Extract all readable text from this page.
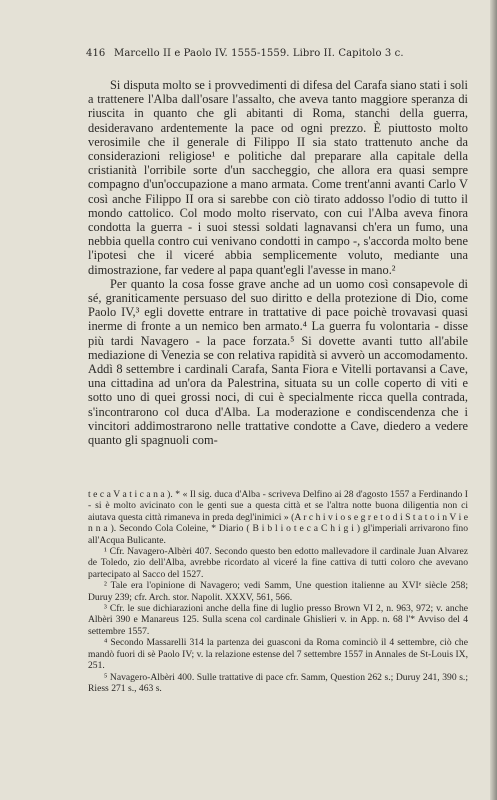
416 Marcello II e Paolo IV. 1555-1559. Libro II. Capitolo 3 c.

Si disputa molto se i provvedimenti di difesa del Carafa siano stati i soli a trattenere l'Alba dall'osare l'assalto, che aveva tanto maggiore speranza di riuscita in quanto che gli abitanti di Roma, stanchi della guerra, desideravano ardentemente la pace od ogni prezzo. È piuttosto molto verosimile che il generale di Filippo II sia stato trattenuto anche da considerazioni religiose¹ e politiche dal preparare alla capitale della cristianità l'orribile sorte d'un saccheggio, che allora era quasi sempre compagno d'un'occupazione a mano armata. Come trent'anni avanti Carlo V così anche Filippo II ora si sarebbe con ciò tirato addosso l'odio di tutto il mondo cattolico. Col modo molto riservato, con cui l'Alba aveva finora condotta la guerra - i suoi stessi soldati lagnavansi ch'era un fumo, una nebbia quella contro cui venivano condotti in campo -, s'accorda molto bene l'ipotesi che il viceré abbia semplicemente voluto, mediante una dimostrazione, far vedere al papa quant'egli l'avesse in mano.²

Per quanto la cosa fosse grave anche ad un uomo così consapevole di sé, graniticamente persuaso del suo diritto e della protezione di Dio, come Paolo IV,³ egli dovette entrare in trattative di pace poichè trovavasi quasi inerme di fronte a un nemico ben armato.⁴ La guerra fu volontaria - disse più tardi Navagero - la pace forzata.⁵ Si dovette avanti tutto all'abile mediazione di Venezia se con relativa rapidità si avverò un accomodamento. Addì 8 settembre i cardinali Carafa, Santa Fiora e Vitelli portavansi a Cave, una cittadina ad un'ora da Palestrina, situata su un colle coperto di viti e sotto uno di quei grossi noci, di cui è specialmente ricca quella contrada, s'incontrarono col duca d'Alba. La moderazione e condiscendenza che i vincitori addimostrarono nelle trattative condotte a Cave, diedero a vedere quanto gli spagnuoli com-

t e c a V a t i c a n a ). * « Il sig. duca d'Alba - scriveva Delfino ai 28 d'agosto 1557 a Ferdinando I - si è molto avicinato con le genti sue a questa città et se l'altra notte buona diligentia non ci aiutava questa città rimaneva in preda degl'inimici » (A r c h i v i o s e g r e t o d i S t a t o i n V i e n n a ). Secondo Cola Coleine, * Diario ( B i b l i o t e c a C h i g i ) gl'imperiali arrivarono fino all'Acqua Bulicante.

¹ Cfr. Navagero-Albèri 407. Secondo questo ben edotto mallevadore il cardinale Juan Alvarez de Toledo, zio dell'Alba, avrebbe ricordato al viceré la fine cattiva di tutti coloro che avevano partecipato al Sacco del 1527.

² Tale era l'opinione di Navagero; vedi Samm, Une question italienne au XVIᵉ siècle 258; Duruy 239; cfr. Arch. stor. Napolit. XXXV, 561, 566.

³ Cfr. le sue dichiarazioni anche della fine di luglio presso Brown VI 2, n. 963, 972; v. anche Albèri 390 e Manareus 125. Sulla scena col cardinale Ghislieri v. in App. n. 68 l'* Avviso del 4 settembre 1557.

⁴ Secondo Massarelli 314 la partenza dei guasconi da Roma cominciò il 4 settembre, ciò che mandò fuori di sè Paolo IV; v. la relazione estense del 7 settembre 1557 in Annales de St-Louis IX, 251.

⁵ Navagero-Albèri 400. Sulle trattative di pace cfr. Samm, Question 262 s.; Duruy 241, 390 s.; Riess 271 s., 463 s.
